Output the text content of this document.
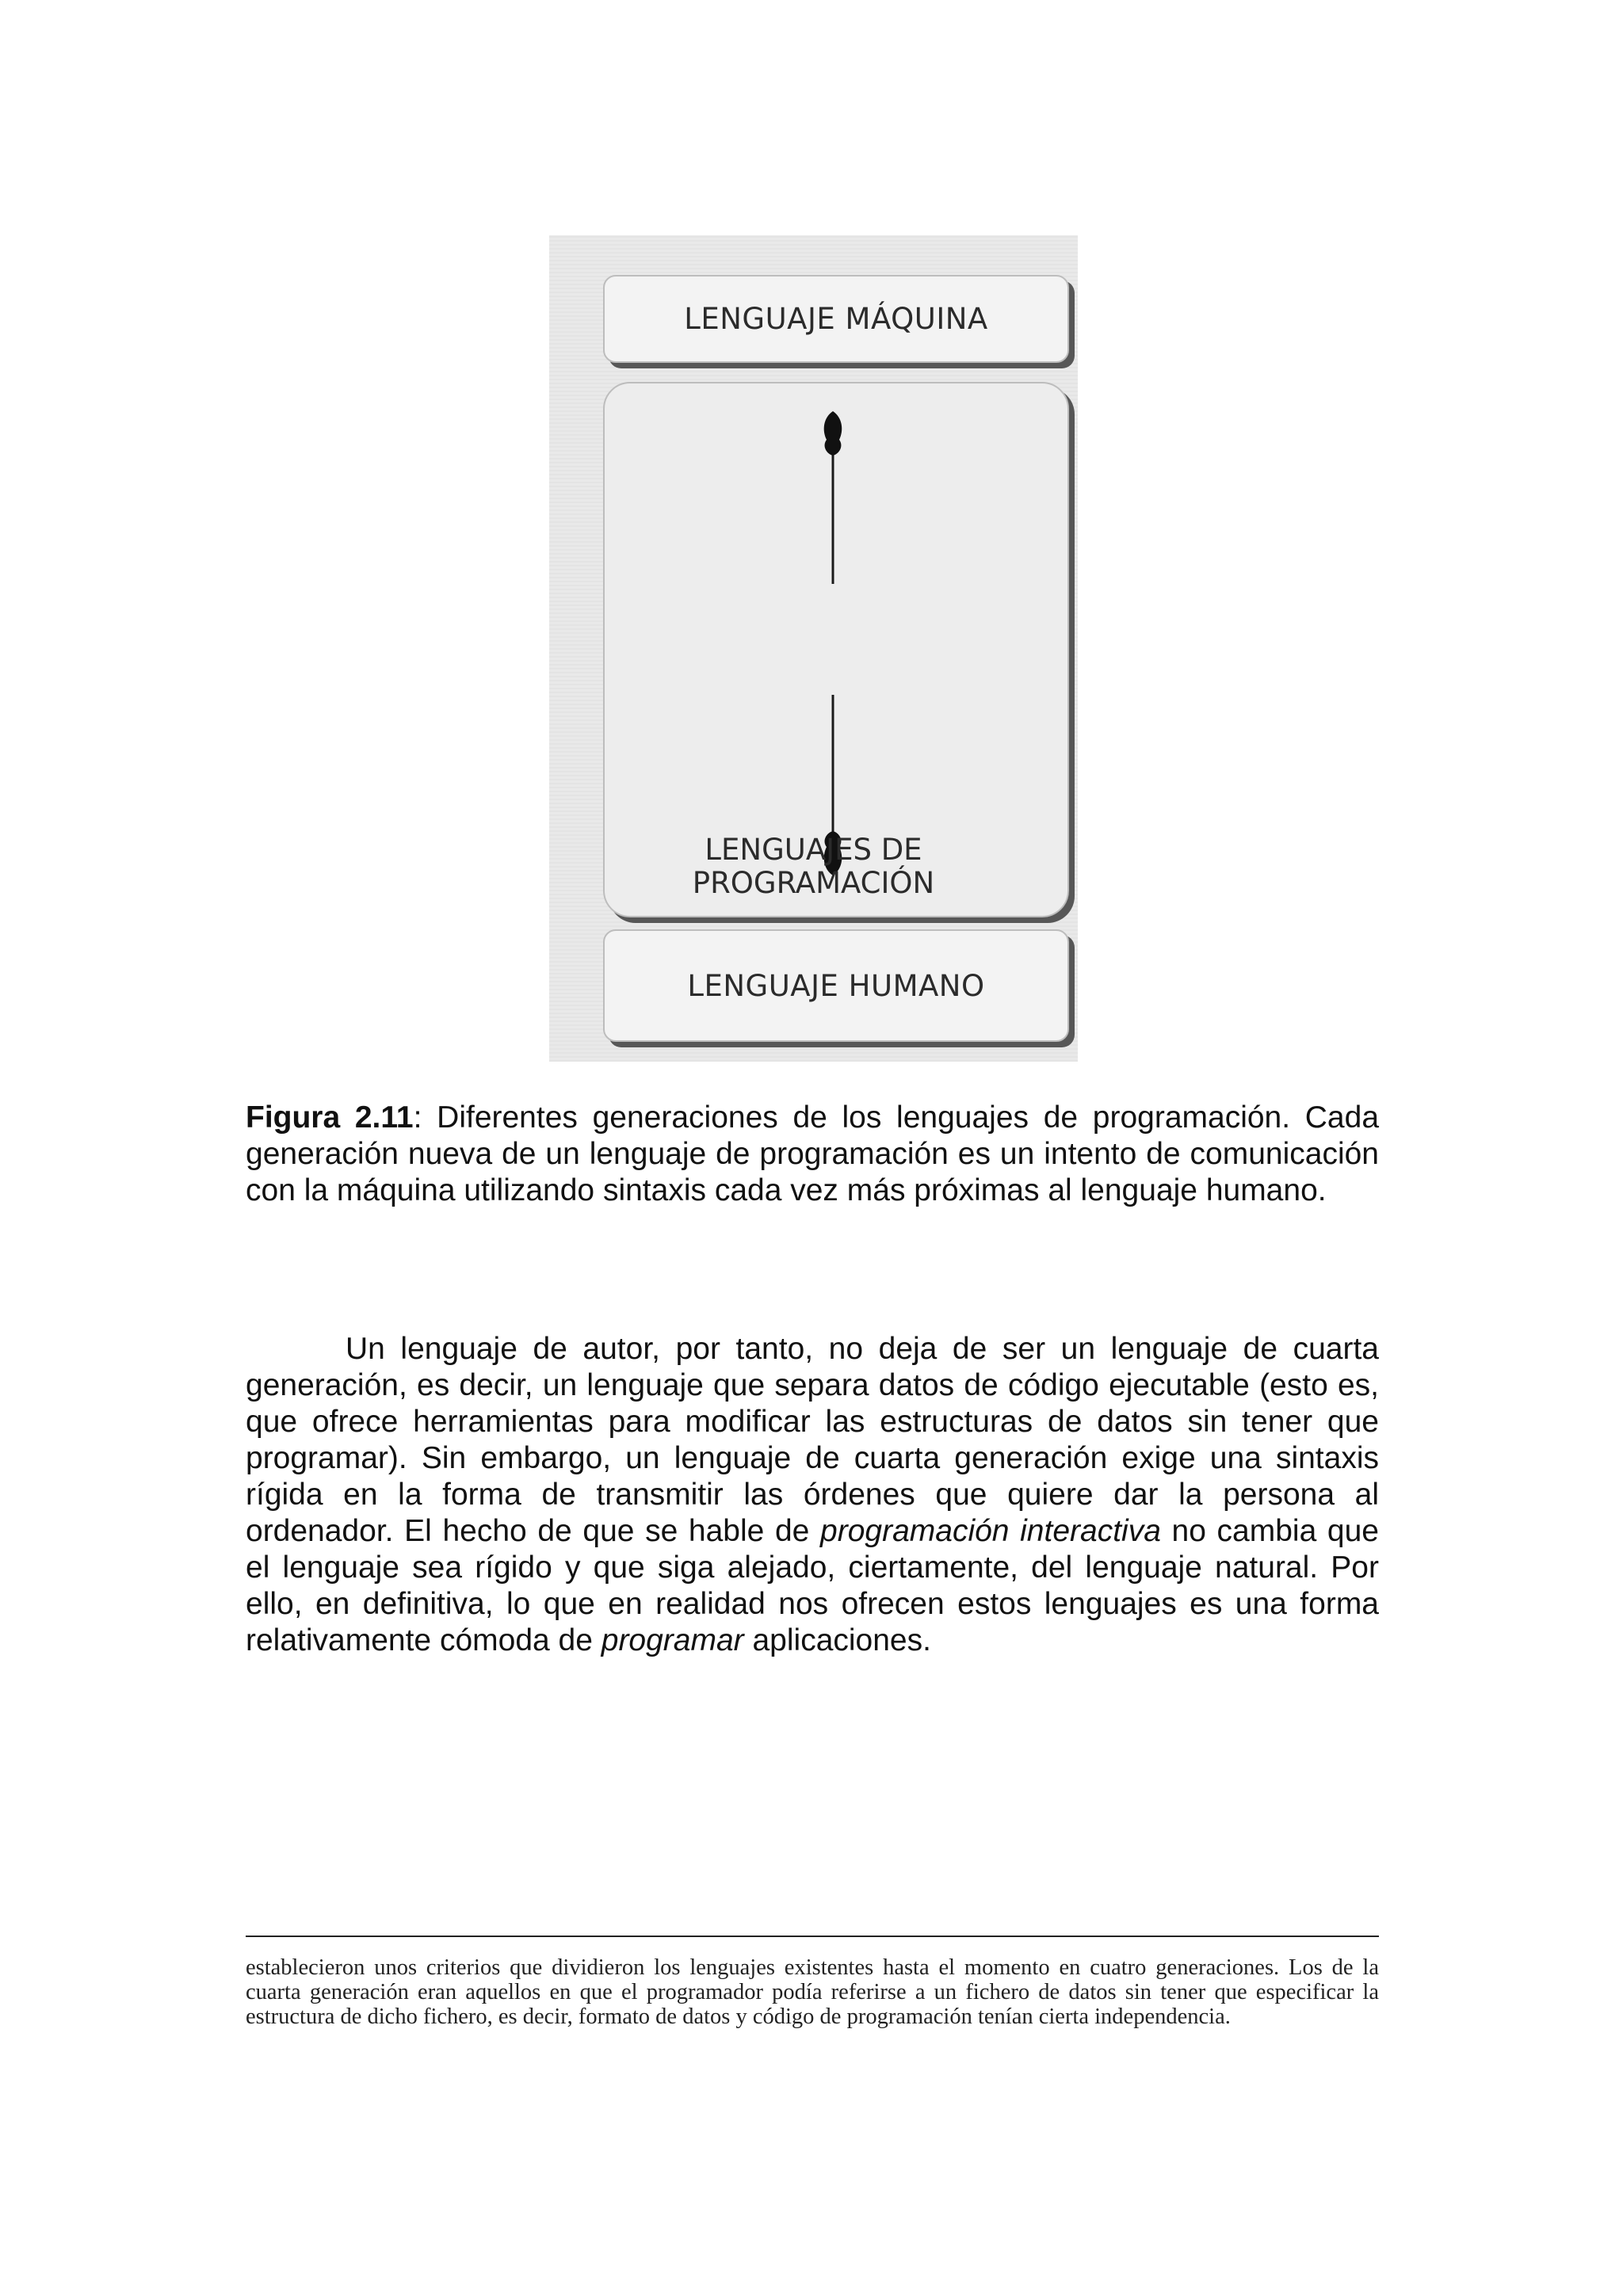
LENGUAJE MÁQUINA
LENGUAJES DE
PROGRAMACIÓN
LENGUAJE HUMANO
Figura 2.11: Diferentes generaciones de los lenguajes de programación. Cada generación nueva de un lenguaje de programación es un intento de comunicación con la máquina utilizando sintaxis cada vez más próximas al lenguaje humano.
Un lenguaje de autor, por tanto, no deja de ser un lenguaje de cuarta generación, es decir, un lenguaje que separa datos de código ejecutable (esto es, que ofrece herramientas para modificar las estructuras de datos sin tener que programar). Sin embargo, un lenguaje de cuarta generación exige una sintaxis rígida en la forma de transmitir las órdenes que quiere dar la persona al ordenador. El hecho de que se hable de programación interactiva no cambia que el lenguaje sea rígido y que siga alejado, ciertamente, del lenguaje natural. Por ello, en definitiva, lo que en realidad nos ofrecen estos lenguajes es una forma relativamente cómoda de programar aplicaciones.
establecieron unos criterios que dividieron los lenguajes existentes hasta el momento en cuatro generaciones. Los de la cuarta generación eran aquellos en que el programador podía referirse a un fichero de datos sin tener que especificar la estructura de dicho fichero, es decir, formato de datos y código de programación tenían cierta independencia.
